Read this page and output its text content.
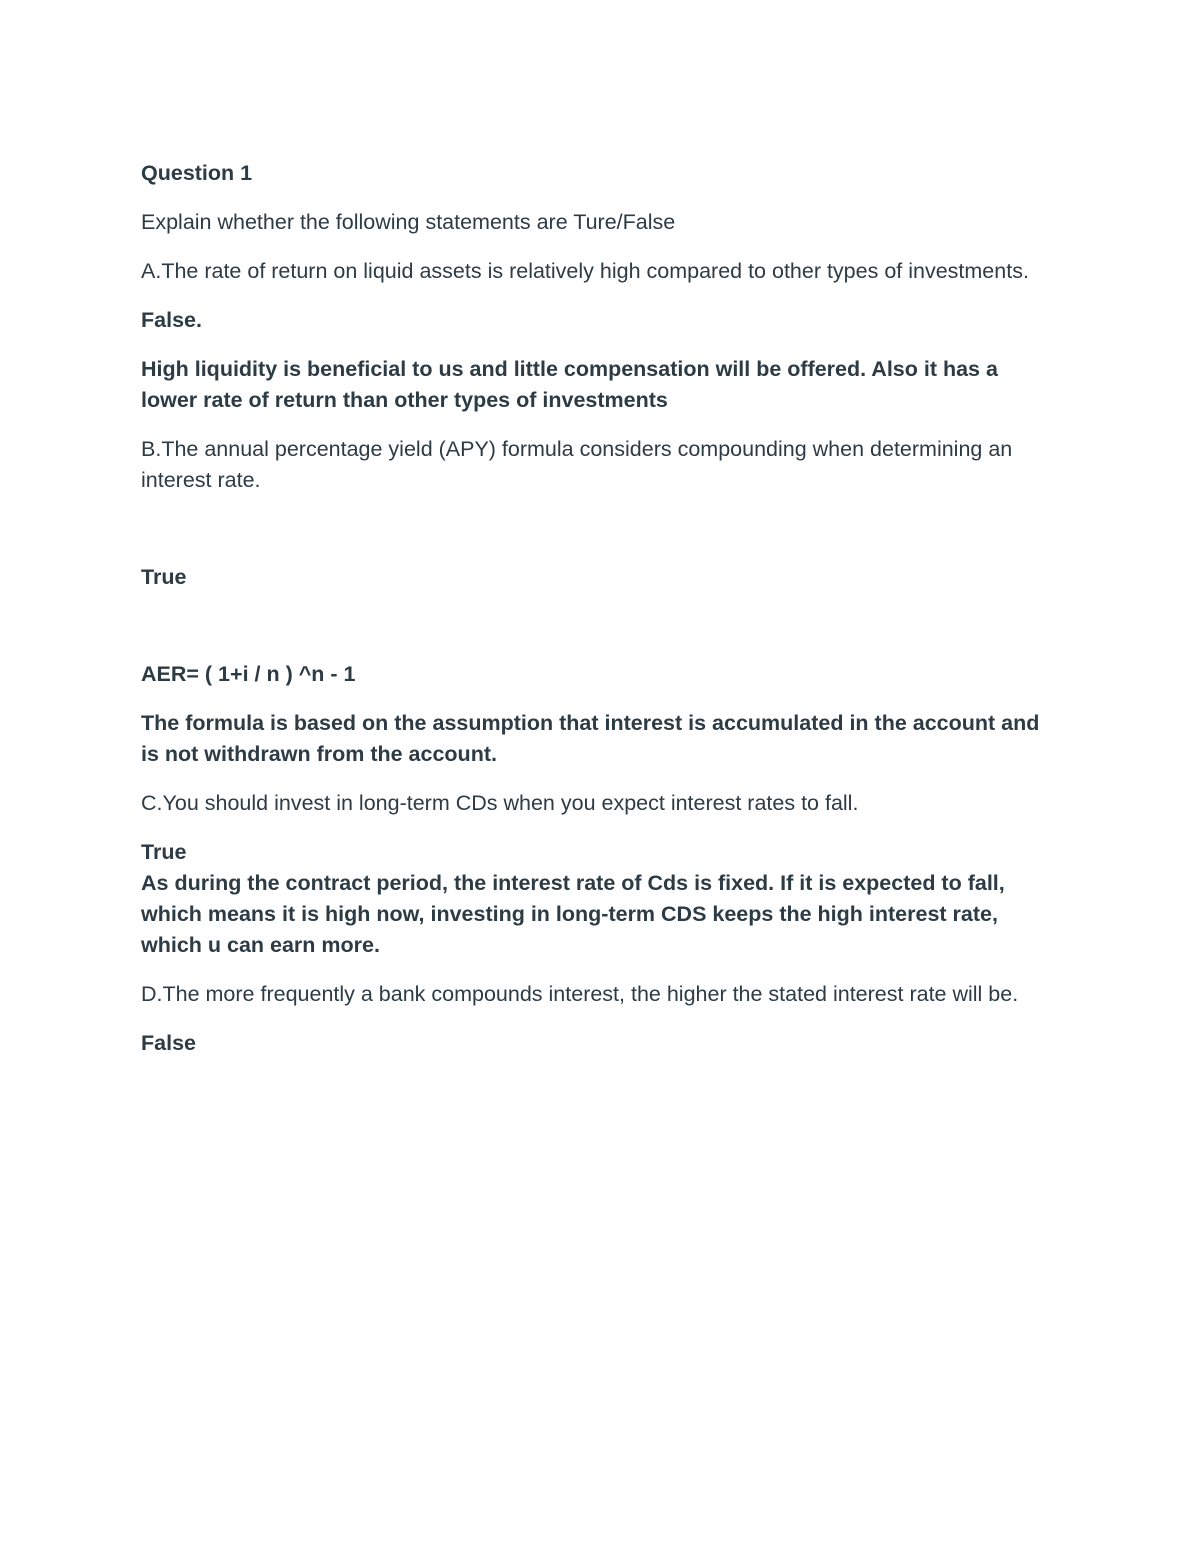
Question 1

Explain whether the following statements are Ture/False

A.The rate of return on liquid assets is relatively high compared to other types of investments.

False.

High liquidity is beneficial to us and little compensation will be offered. Also it has a lower rate of return than other types of investments

B.The annual percentage yield (APY) formula considers compounding when determining an interest rate.

True

AER= ( 1+i / n ) ^n - 1

The formula is based on the assumption that interest is accumulated in the account and is not withdrawn from the account.

C.You should invest in long-term CDs when you expect interest rates to fall.

True

As during the contract period, the interest rate of Cds is fixed. If it is expected to fall, which means it is high now, investing in long-term CDS keeps the high interest rate, which u can earn more.

D.The more frequently a bank compounds interest, the higher the stated interest rate will be.

False
